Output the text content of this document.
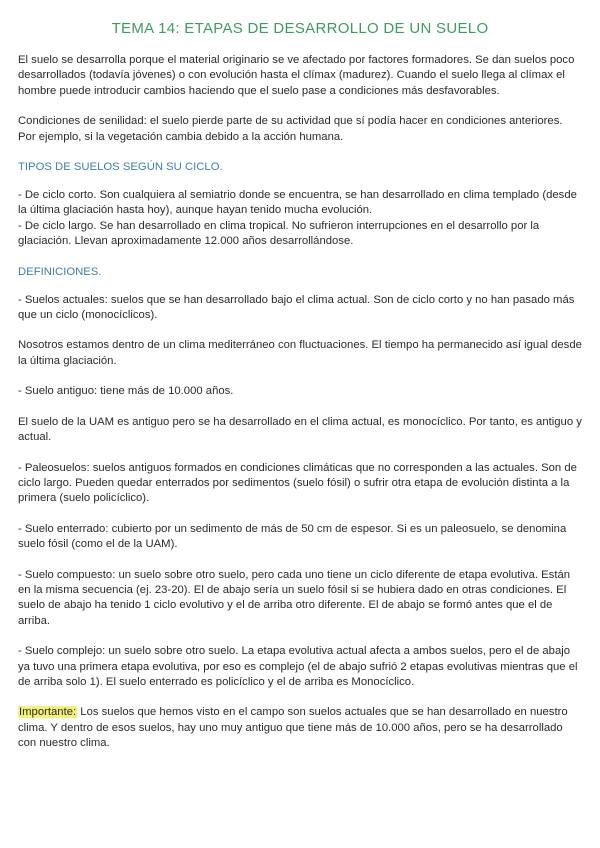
TEMA 14: ETAPAS DE DESARROLLO DE UN SUELO

El suelo se desarrolla porque el material originario se ve afectado por factores formadores. Se dan suelos poco desarrollados (todavía jóvenes) o con evolución hasta el clímax (madurez). Cuando el suelo llega al clímax el hombre puede introducir cambios haciendo que el suelo pase a condiciones más desfavorables.

Condiciones de senilidad: el suelo pierde parte de su actividad que sí podía hacer en condiciones anteriores. Por ejemplo, si la vegetación cambia debido a la acción humana.

TIPOS DE SUELOS SEGÚN SU CICLO.

- De ciclo corto. Son cualquiera al semiatrio donde se encuentra, se han desarrollado en clima templado (desde la última glaciación hasta hoy), aunque hayan tenido mucha evolución.

- De ciclo largo. Se han desarrollado en clima tropical. No sufrieron interrupciones en el desarrollo por la glaciación. Llevan aproximadamente 12.000 años desarrollándose.

DEFINICIONES.

- Suelos actuales: suelos que se han desarrollado bajo el clima actual. Son de ciclo corto y no han pasado más que un ciclo (monocíclicos).

Nosotros estamos dentro de un clima mediterráneo con fluctuaciones. El tiempo ha permanecido así igual desde la última glaciación.

- Suelo antiguo: tiene más de 10.000 años.

El suelo de la UAM es antiguo pero se ha desarrollado en el clima actual, es monocíclico. Por tanto, es antiguo y actual.

- Paleosuelos: suelos antiguos formados en condiciones climáticas que no corresponden a las actuales. Son de ciclo largo. Pueden quedar enterrados por sedimentos (suelo fósil) o sufrir otra etapa de evolución distinta a la primera (suelo policíclico).

- Suelo enterrado: cubierto por un sedimento de más de 50 cm de espesor. Si es un paleosuelo, se denomina suelo fósil (como el de la UAM).

- Suelo compuesto: un suelo sobre otro suelo, pero cada uno tiene un ciclo diferente de etapa evolutiva. Están en la misma secuencia (ej. 23-20). El de abajo sería un suelo fósil si se hubiera dado en otras condiciones. El suelo de abajo ha tenido 1 ciclo evolutivo y el de arriba otro diferente. El de abajo se formó antes que el de arriba.

- Suelo complejo: un suelo sobre otro suelo. La etapa evolutiva actual afecta a ambos suelos, pero el de abajo ya tuvo una primera etapa evolutiva, por eso es complejo (el de abajo sufrió 2 etapas evolutivas mientras que el de arriba solo 1). El suelo enterrado es policíclico y el de arriba es Monocíclico.

Importante: Los suelos que hemos visto en el campo son suelos actuales que se han desarrollado en nuestro clima. Y dentro de esos suelos, hay uno muy antiguo que tiene más de 10.000 años, pero se ha desarrollado con nuestro clima.
